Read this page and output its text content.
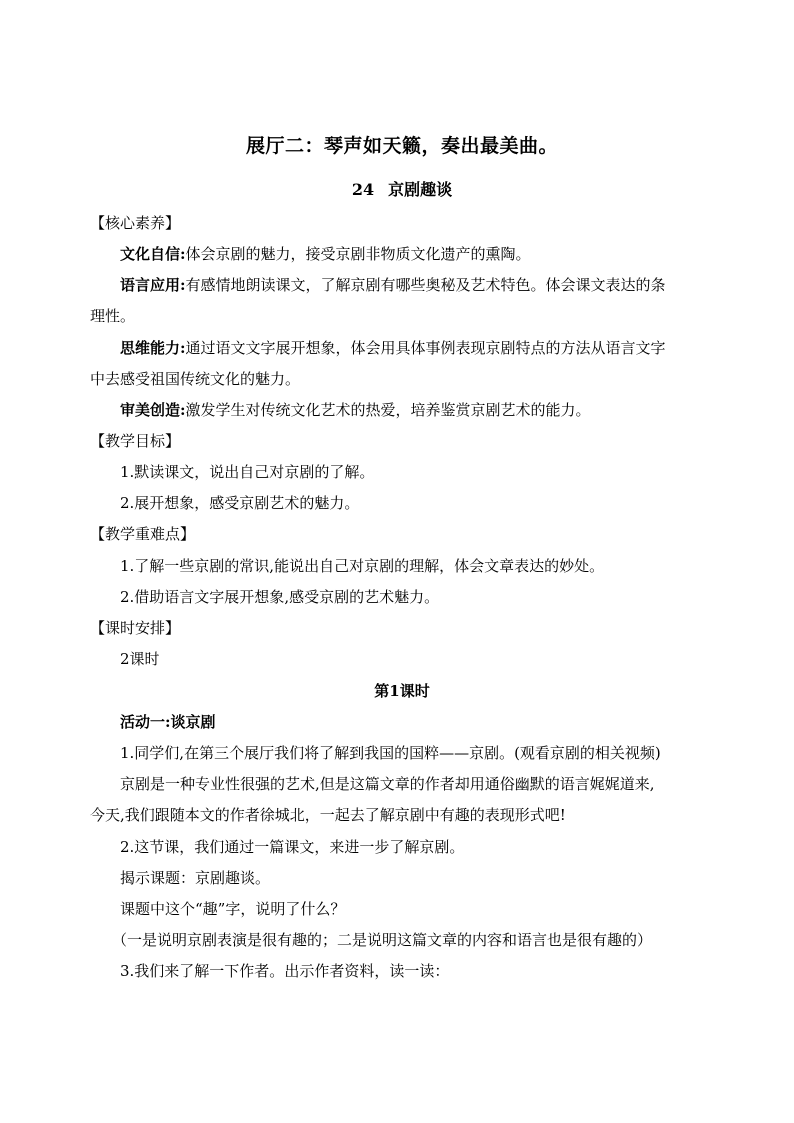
展厅二：琴声如天籁，奏出最美曲。
24 京剧趣谈
【核心素养】
文化自信:体会京剧的魅力，接受京剧非物质文化遗产的熏陶。
语言应用:有感情地朗读课文，了解京剧有哪些奥秘及艺术特色。体会课文表达的条
理性。
思维能力:通过语文文字展开想象，体会用具体事例表现京剧特点的方法从语言文字
中去感受祖国传统文化的魅力。
审美创造:激发学生对传统文化艺术的热爱，培养鉴赏京剧艺术的能力。
【教学目标】
1.默读课文，说出自己对京剧的了解。
2.展开想象，感受京剧艺术的魅力。
【教学重难点】
1.了解一些京剧的常识,能说出自己对京剧的理解，体会文章表达的妙处。
2.借助语言文字展开想象,感受京剧的艺术魅力。
【课时安排】
2课时
第1课时
活动一:谈京剧
1.同学们,在第三个展厅我们将了解到我国的国粹——京剧。(观看京剧的相关视频)
京剧是一种专业性很强的艺术,但是这篇文章的作者却用通俗幽默的语言娓娓道来,
今天,我们跟随本文的作者徐城北，一起去了解京剧中有趣的表现形式吧!
2.这节课，我们通过一篇课文，来进一步了解京剧。
揭示课题：京剧趣谈。
课题中这个“趣”字，说明了什么？
（一是说明京剧表演是很有趣的；二是说明这篇文章的内容和语言也是很有趣的）
3.我们来了解一下作者。出示作者资料，读一读：
